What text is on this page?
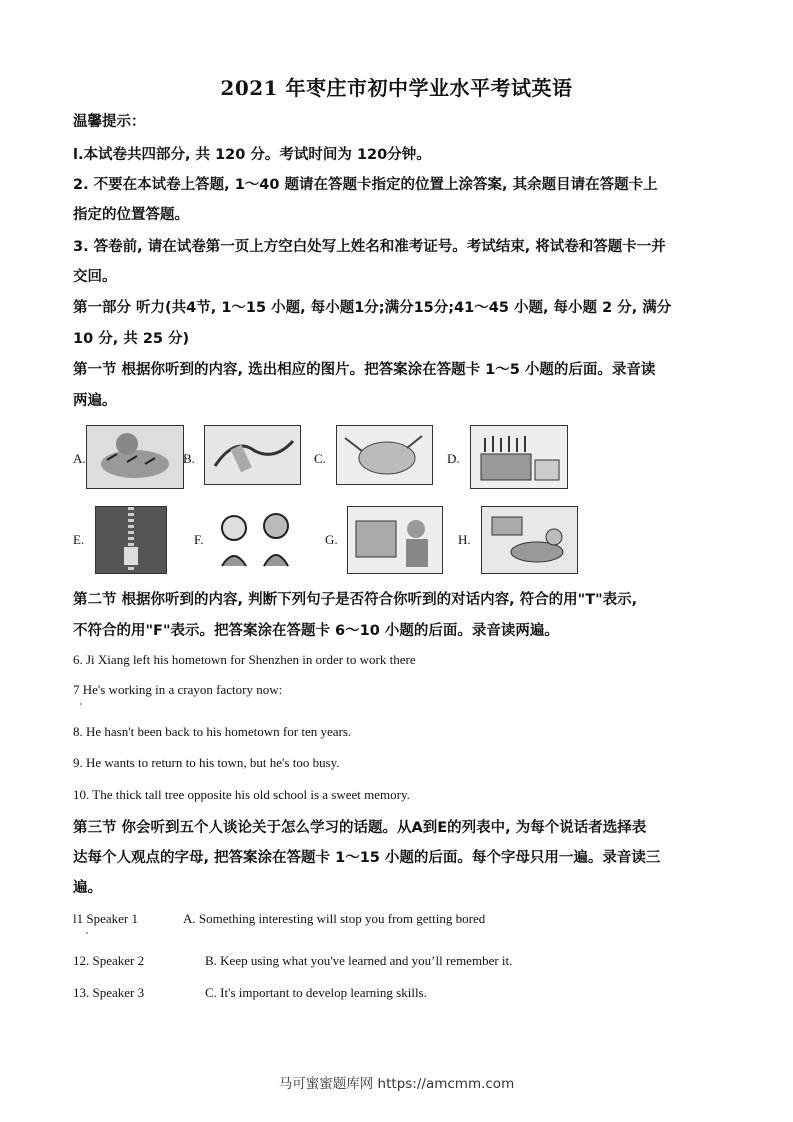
2021 年枣庄市初中学业水平考试英语
温馨提示：
l.本试卷共四部分, 共 120 分。考试时间为 120分钟。
2. 不要在本试卷上答题, 1～40 题请在答题卡指定的位置上涂答案, 其余题目请在答题卡上
指定的位置答题。
3. 答卷前, 请在试卷第一页上方空白处写上姓名和准考证号。考试结束, 将试卷和答题卡一并
交回。
第一部分 听力(共4节, 1～15 小题, 每小题1分;满分15分;41～45 小题, 每小题 2 分, 满分
10 分, 共 25 分)
第一节 根据你听到的内容, 选出相应的图片。把答案涂在答题卡 1～5 小题的后面。录音读
两遍。
A.	B.	C.	D.
E.	F.	G.	H.
第二节 根据你听到的内容, 判断下列句子是否符合你听到的对话内容, 符合的用"T"表示,
不符合的用"F"表示。把答案涂在答题卡 6～10 小题的后面。录音读两遍。
6. Ji Xiang left his hometown for Shenzhen in order to work there
7 He's working in a crayon factory now:
8. He hasn't been back to his hometown for ten years.
9. He wants to return to his town, but he's too busy.
10. The thick tall tree opposite his old school is a sweet memory.
第三节 你会听到五个人谈论关于怎么学习的话题。从A到E的列表中, 为每个说话者选择表
达每个人观点的字母, 把答案涂在答题卡 1～15 小题的后面。每个字母只用一遍。录音读三
遍。
l1 Speaker 1	A. Something interesting will stop you from getting bored
12. Speaker 2	B. Keep using what you've learned and you’ll remember it.
13. Speaker 3	C. It's important to develop learning skills.
马可蜜蜜题库网 https://amcmm.com
